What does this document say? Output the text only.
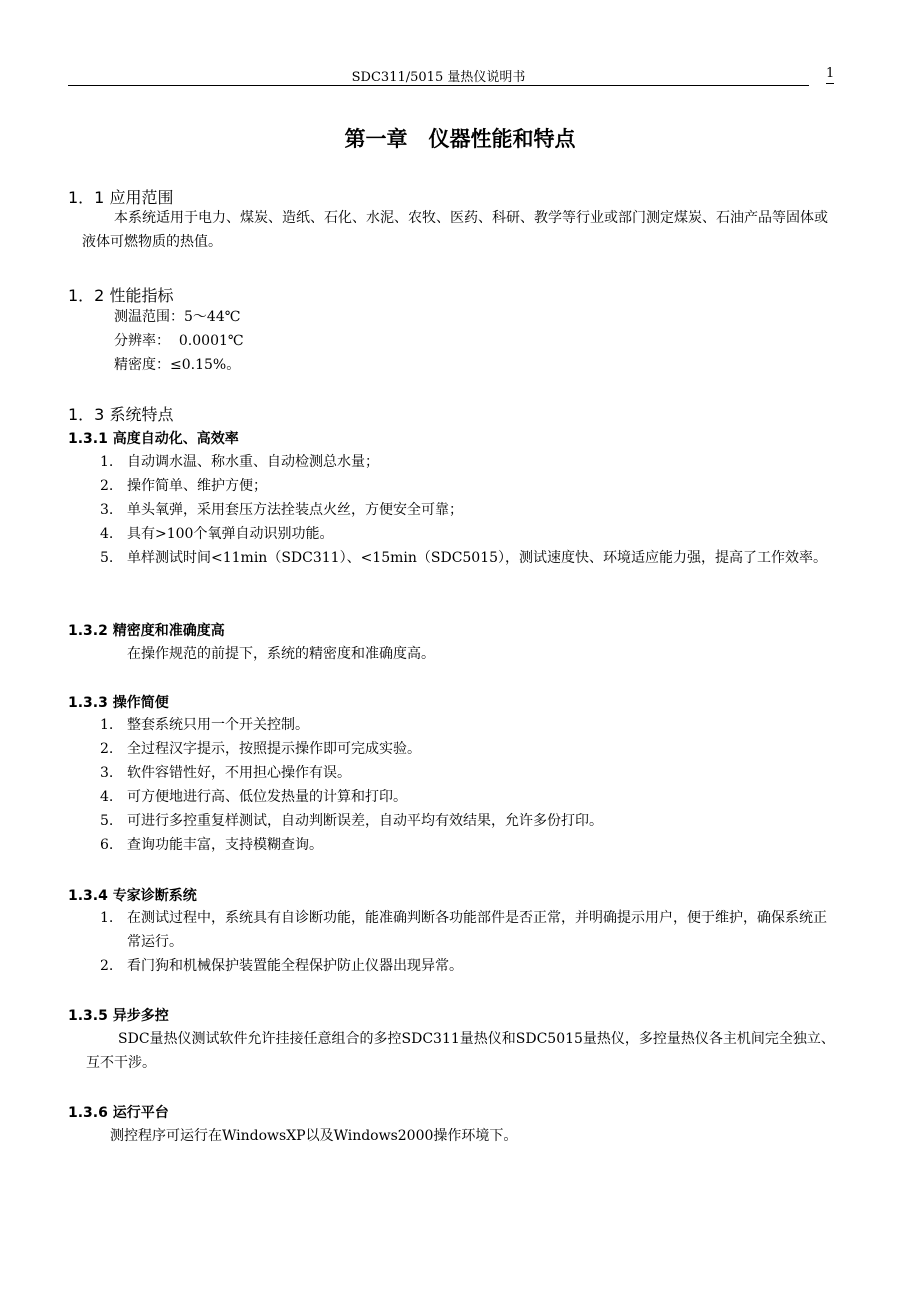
SDC311/5015 量热仪说明书	1
第一章　仪器性能和特点
1．1 应用范围
本系统适用于电力、煤炭、造纸、石化、水泥、农牧、医药、科研、教学等行业或部门测定煤炭、石油产品等固体或液体可燃物质的热值。
1．2 性能指标
测温范围：5～44℃
分辨率：  0.0001℃
精密度：≤0.15%。
1．3 系统特点
1.3.1 高度自动化、高效率
1. 自动调水温、称水重、自动检测总水量；
2. 操作简单、维护方便；
3. 单头氧弹，采用套压方法拴装点火丝，方便安全可靠；
4. 具有>100个氧弹自动识别功能。
5. 单样测试时间<11min（SDC311）、<15min（SDC5015），测试速度快、环境适应能力强，提高了工作效率。
1.3.2 精密度和准确度高
在操作规范的前提下，系统的精密度和准确度高。
1.3.3 操作简便
1. 整套系统只用一个开关控制。
2. 全过程汉字提示，按照提示操作即可完成实验。
3. 软件容错性好，不用担心操作有误。
4. 可方便地进行高、低位发热量的计算和打印。
5. 可进行多控重复样测试，自动判断误差，自动平均有效结果，允许多份打印。
6. 查询功能丰富，支持模糊查询。
1.3.4 专家诊断系统
1. 在测试过程中，系统具有自诊断功能，能准确判断各功能部件是否正常，并明确提示用户，便于维护，确保系统正常运行。
2. 看门狗和机械保护装置能全程保护防止仪器出现异常。
1.3.5 异步多控
SDC量热仪测试软件允许挂接任意组合的多控SDC311量热仪和SDC5015量热仪，多控量热仪各主机间完全独立、互不干涉。
1.3.6 运行平台
测控程序可运行在WindowsXP以及Windows2000操作环境下。
